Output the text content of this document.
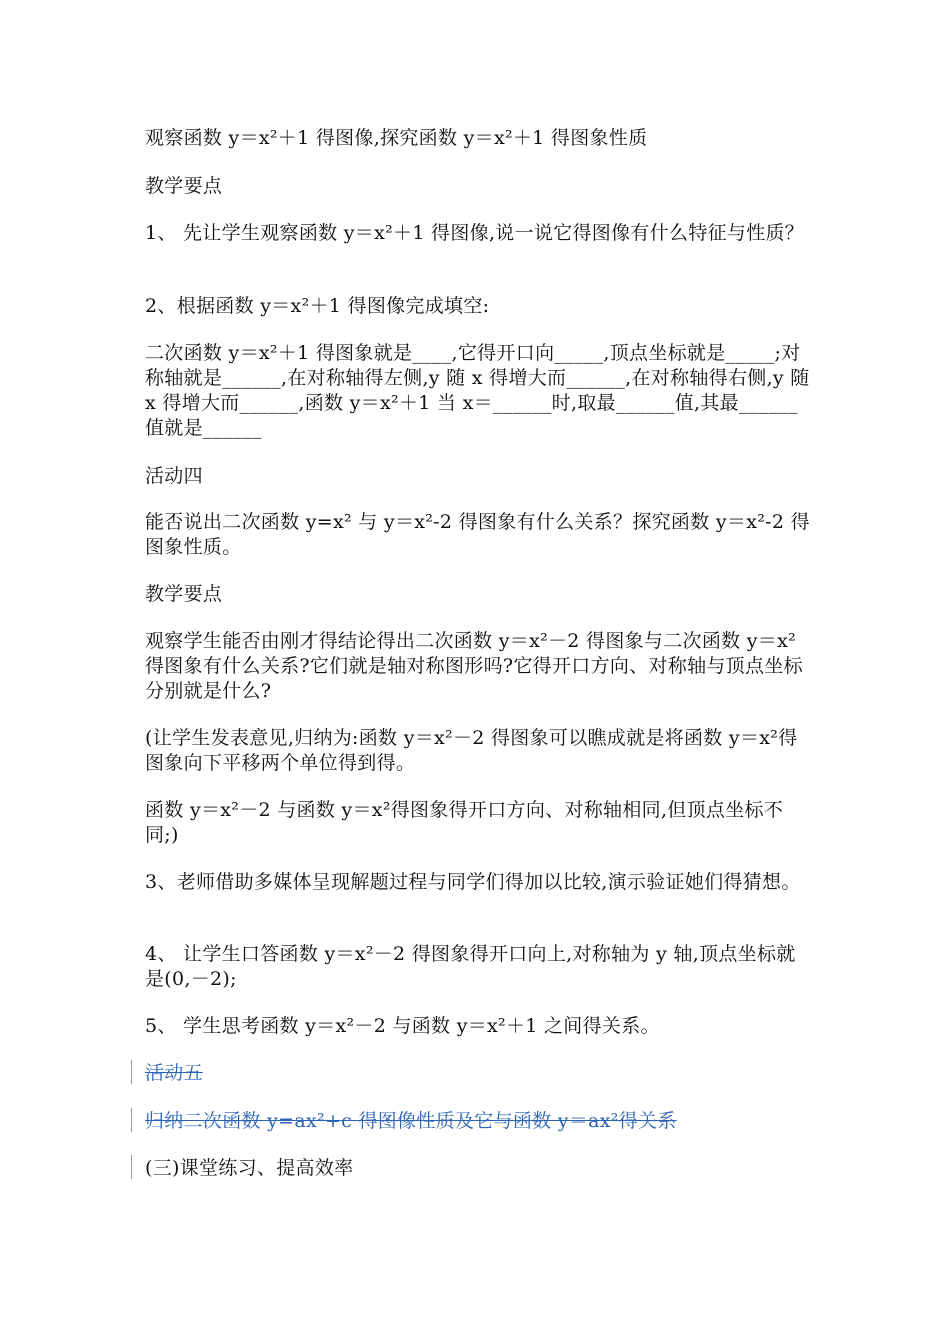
观察函数 y＝x²＋1 得图像,探究函数 y＝x²＋1 得图象性质
教学要点
1、 先让学生观察函数 y＝x²＋1 得图像,说一说它得图像有什么特征与性质？
2、根据函数 y＝x²＋1 得图像完成填空:
二次函数 y＝x²＋1 得图象就是____,它得开口向_____,顶点坐标就是_____;对称轴就是______,在对称轴得左侧,y 随 x 得增大而______,在对称轴得右侧,y 随 x 得增大而______,函数 y＝x²＋1 当 x＝______时,取最______值,其最______值就是______
活动四
能否说出二次函数 y=x² 与 y＝x²-2 得图象有什么关系？探究函数 y＝x²-2 得图象性质。
教学要点
观察学生能否由刚才得结论得出二次函数 y＝x²－2 得图象与二次函数 y＝x²得图象有什么关系?它们就是轴对称图形吗?它得开口方向、对称轴与顶点坐标分别就是什么?
(让学生发表意见,归纳为:函数 y＝x²－2 得图象可以瞧成就是将函数 y＝x²得图象向下平移两个单位得到得。
函数 y＝x²－2 与函数 y＝x²得图象得开口方向、对称轴相同,但顶点坐标不同;)
3、老师借助多媒体呈现解题过程与同学们得加以比较,演示验证她们得猜想。
4、 让学生口答函数 y＝x²－2 得图象得开口向上,对称轴为 y 轴,顶点坐标就是(0,－2);
5、 学生思考函数 y＝x²－2 与函数 y＝x²＋1 之间得关系。
活动五
归纳二次函数 y=ax²+c 得图像性质及它与函数 y＝ax²得关系
(三)课堂练习、提高效率
